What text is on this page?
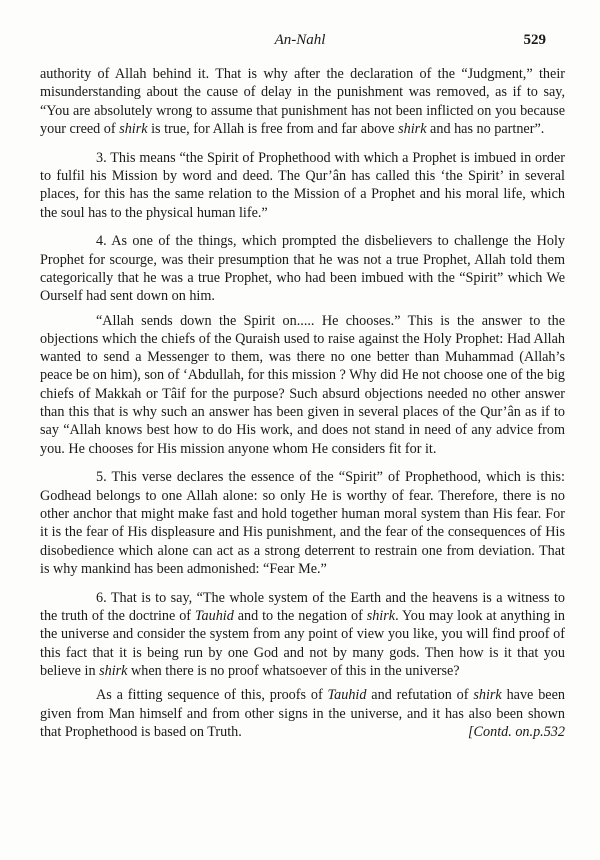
An-Nahl	529

authority of Allah behind it. That is why after the declaration of the “Judgment,” their misunderstanding about the cause of delay in the punishment was removed, as if to say, “You are absolutely wrong to assume that punishment has not been inflicted on you because your creed of shirk is true, for Allah is free from and far above shirk and has no partner”.

3. This means “the Spirit of Prophethood with which a Prophet is imbued in order to fulfil his Mission by word and deed. The Qur’ân has called this ‘the Spirit’ in several places, for this has the same relation to the Mission of a Prophet and his moral life, which the soul has to the physical human life.”

4. As one of the things, which prompted the disbelievers to challenge the Holy Prophet for scourge, was their presumption that he was not a true Prophet, Allah told them categorically that he was a true Prophet, who had been imbued with the “Spirit” which We Ourself had sent down on him.

“Allah sends down the Spirit on..... He chooses.” This is the answer to the objections which the chiefs of the Quraish used to raise against the Holy Prophet: Had Allah wanted to send a Messenger to them, was there no one better than Muhammad (Allah’s peace be on him), son of ‘Abdullah, for this mission ? Why did He not choose one of the big chiefs of Makkah or Tâif for the purpose? Such absurd objections needed no other answer than this that is why such an answer has been given in several places of the Qur’ân as if to say “Allah knows best how to do His work, and does not stand in need of any advice from you. He chooses for His mission anyone whom He considers fit for it.

5. This verse declares the essence of the “Spirit” of Prophethood, which is this: Godhead belongs to one Allah alone: so only He is worthy of fear. Therefore, there is no other anchor that might make fast and hold together human moral system than His fear. For it is the fear of His displeasure and His punishment, and the fear of the consequences of His disobedience which alone can act as a strong deterrent to restrain one from deviation. That is why mankind has been admonished: “Fear Me.”

6. That is to say, “The whole system of the Earth and the heavens is a witness to the truth of the doctrine of Tauhid and to the negation of shirk. You may look at anything in the universe and consider the system from any point of view you like, you will find proof of this fact that it is being run by one God and not by many gods. Then how is it that you believe in shirk when there is no proof whatsoever of this in the universe?

As a fitting sequence of this, proofs of Tauhid and refutation of shirk have been given from Man himself and from other signs in the universe, and it has also been shown that Prophethood is based on Truth.	[Contd. on.p.532
